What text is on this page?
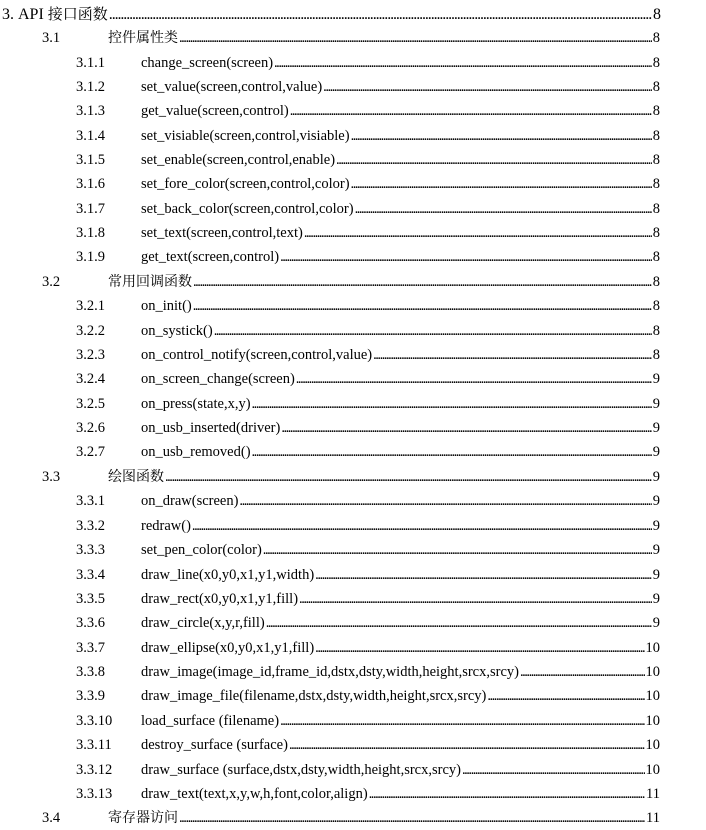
3. API 接口函数 . . .	8
3.1	控件属性类 . . .	8
3.1.1	change_screen(screen) . . .	8
3.1.2	set_value(screen,control,value) . . .	8
3.1.3	get_value(screen,control) . . .	8
3.1.4	set_visiable(screen,control,visiable) . . .	8
3.1.5	set_enable(screen,control,enable) . . .	8
3.1.6	set_fore_color(screen,control,color) . . .	8
3.1.7	set_back_color(screen,control,color) . . .	8
3.1.8	set_text(screen,control,text) . . .	8
3.1.9	get_text(screen,control) . . .	8
3.2	常用回调函数 . . .	8
3.2.1	on_init() . . .	8
3.2.2	on_systick() . . .	8
3.2.3	on_control_notify(screen,control,value) . . .	8
3.2.4	on_screen_change(screen) . . .	9
3.2.5	on_press(state,x,y) . . .	9
3.2.6	on_usb_inserted(driver) . . .	9
3.2.7	on_usb_removed() . . .	9
3.3	绘图函数 . . .	9
3.3.1	on_draw(screen) . . .	9
3.3.2	redraw() . . .	9
3.3.3	set_pen_color(color) . . .	9
3.3.4	draw_line(x0,y0,x1,y1,width) . . .	9
3.3.5	draw_rect(x0,y0,x1,y1,fill) . . .	9
3.3.6	draw_circle(x,y,r,fill) . . .	9
3.3.7	draw_ellipse(x0,y0,x1,y1,fill) . . .	10
3.3.8	draw_image(image_id,frame_id,dstx,dsty,width,height,srcx,srcy) . . .	10
3.3.9	draw_image_file(filename,dstx,dsty,width,height,srcx,srcy) . . .	10
3.3.10	load_surface (filename) . . .	10
3.3.11	destroy_surface (surface) . . .	10
3.3.12	draw_surface (surface,dstx,dsty,width,height,srcx,srcy) . . .	10
3.3.13	draw_text(text,x,y,w,h,font,color,align) . . .	11
3.4	寄存器访问 . . .	11
